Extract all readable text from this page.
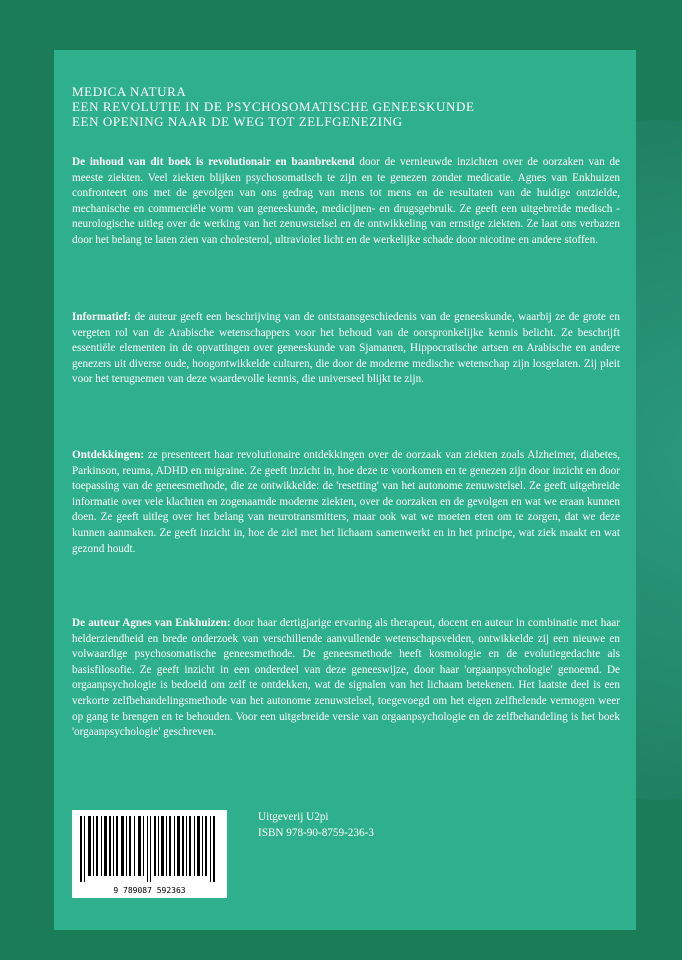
MEDICA NATURA
EEN REVOLUTIE IN DE PSYCHOSOMATISCHE GENEESKUNDE
EEN OPENING NAAR DE WEG TOT ZELFGENEZING
De inhoud van dit boek is revolutionair en baanbrekend door de vernieuwde inzichten over de oorzaken van de meeste ziekten. Veel ziekten blijken psychosomatisch te zijn en te genezen zonder medicatie. Agnes van Enkhuizen confronteert ons met de gevolgen van ons gedrag van mens tot mens en de resultaten van de huidige ontzielde, mechanische en commerciële vorm van geneeskunde, medicijnen- en drugsgebruik. Ze geeft een uitgebreide medisch - neurologische uitleg over de werking van het zenuwstelsel en de ontwikkeling van ernstige ziekten. Ze laat ons verbazen door het belang te laten zien van cholesterol, ultraviolet licht en de werkelijke schade door nicotine en andere stoffen.
Informatief: de auteur geeft een beschrijving van de ontstaansgeschiedenis van de geneeskunde, waarbij ze de grote en vergeten rol van de Arabische wetenschappers voor het behoud van de oorspronkelijke kennis belicht. Ze beschrijft essentiële elementen in de opvattingen over geneeskunde van Sjamanen, Hippocratische artsen en Arabische en andere genezers uit diverse oude, hoogontwikkelde culturen, die door de moderne medische wetenschap zijn losgelaten. Zij pleit voor het terugnemen van deze waardevolle kennis, die universeel blijkt te zijn.
Ontdekkingen: ze presenteert haar revolutionaire ontdekkingen over de oorzaak van ziekten zoals Alzheimer, diabetes, Parkinson, reuma, ADHD en migraine. Ze geeft inzicht in, hoe deze te voorkomen en te genezen zijn door inzicht en door toepassing van de geneesmethode, die ze ontwikkelde: de 'resetting' van het autonome zenuwstelsel. Ze geeft uitgebreide informatie over vele klachten en zogenaamde moderne ziekten, over de oorzaken en de gevolgen en wat we eraan kunnen doen. Ze geeft uitleg over het belang van neurotransmitters, maar ook wat we moeten eten om te zorgen, dat we deze kunnen aanmaken. Ze geeft inzicht in, hoe de ziel met het lichaam samenwerkt en in het principe, wat ziek maakt en wat gezond houdt.
De auteur Agnes van Enkhuizen: door haar dertigjarige ervaring als therapeut, docent en auteur in combinatie met haar helderziendheid en brede onderzoek van verschillende aanvullende wetenschapsvelden, ontwikkelde zij een nieuwe en volwaardige psychosomatische geneesmethode. De geneesmethode heeft kosmologie en de evolutiegedachte als basisfilosofie. Ze geeft inzicht in een onderdeel van deze geneeswijze, door haar 'orgaanpsychologie' genoemd. De orgaanpsychologie is bedoeld om zelf te ontdekken, wat de signalen van het lichaam betekenen. Het laatste deel is een verkorte zelfbehandelingsmethode van het autonome zenuwstelsel, toegevoegd om het eigen zelfhelende vermogen weer op gang te brengen en te behouden. Voor een uitgebreide versie van orgaanpsychologie en de zelfbehandeling is het boek 'orgaanpsychologie' geschreven.
9 789087 592363
Uitgeverij U2pi
ISBN 978-90-8759-236-3
